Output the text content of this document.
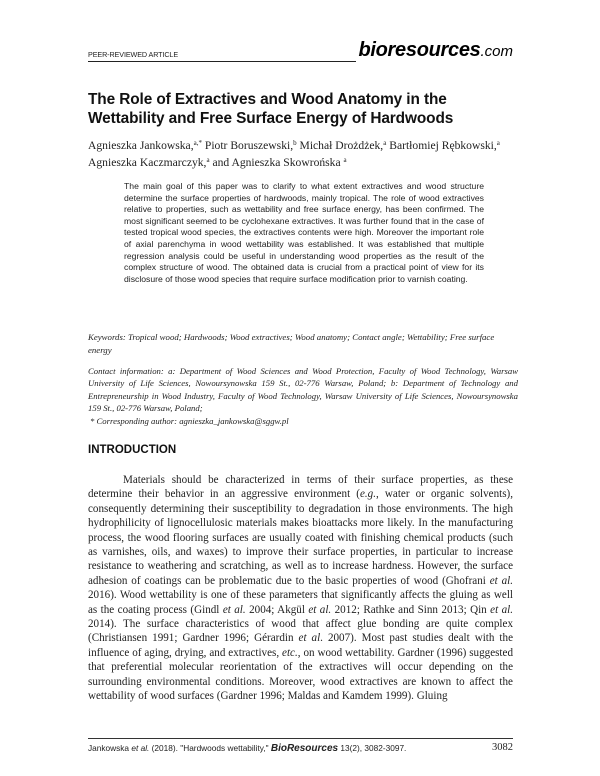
PEER-REVIEWED ARTICLE	bioresources.com
The Role of Extractives and Wood Anatomy in the
Wettability and Free Surface Energy of Hardwoods
Agnieszka Jankowska,$^{a,*}$ Piotr Boruszewski,$^b$ Michał Drożdżek,$^a$ Bartłomiej Rębkowski,$^a$
Agnieszka Kaczmarczyk,$^a$ and Agnieszka Skowrońska $^a$
The main goal of this paper was to clarify to what extent extractives and wood structure determine the surface properties of hardwoods, mainly tropical. The role of wood extractives relative to properties, such as wettability and free surface energy, has been confirmed. The most significant seemed to be cyclohexane extractives. It was further found that in the case of tested tropical wood species, the extractives contents were high. Moreover the important role of axial parenchyma in wood wettability was established. It was established that multiple regression analysis could be useful in understanding wood properties as the result of the complex structure of wood. The obtained data is crucial from a practical point of view for its disclosure of those wood species that require surface modification prior to varnish coating.
Keywords: Tropical wood; Hardwoods; Wood extractives; Wood anatomy; Contact angle; Wettability; Free surface energy
Contact information: a: Department of Wood Sciences and Wood Protection, Faculty of Wood Technology, Warsaw University of Life Sciences, Nowoursynowska 159 St., 02-776 Warsaw, Poland; b: Department of Technology and Entrepreneurship in Wood Industry, Faculty of Wood Technology, Warsaw University of Life Sciences, Nowoursynowska 159 St., 02-776 Warsaw, Poland;
* Corresponding author: agnieszka_jankowska@sggw.pl
INTRODUCTION

Materials should be characterized in terms of their surface properties, as these determine their behavior in an aggressive environment (e.g., water or organic solvents), consequently determining their susceptibility to degradation in those environments. The high hydrophilicity of lignocellulosic materials makes bioattacks more likely. In the manufacturing process, the wood flooring surfaces are usually coated with finishing chemical products (such as varnishes, oils, and waxes) to improve their surface properties, in particular to increase resistance to weathering and scratching, as well as to increase hardness. However, the surface adhesion of coatings can be problematic due to the basic properties of wood (Ghofrani et al. 2016). Wood wettability is one of these parameters that significantly affects the gluing as well as the coating process (Gindl et al. 2004; Akgül et al. 2012; Rathke and Sinn 2013; Qin et al. 2014). The surface characteristics of wood that affect glue bonding are quite complex (Christiansen 1991; Gardner 1996; Gérardin et al. 2007). Most past studies dealt with the influence of aging, drying, and extractives, etc., on wood wettability. Gardner (1996) suggested that preferential molecular reorientation of the extractives will occur depending on the surrounding environmental conditions. Moreover, wood extractives are known to affect the wettability of wood surfaces (Gardner 1996; Maldas and Kamdem 1999). Gluing

Jankowska et al. (2018). "Hardwoods wettability," BioResources 13(2), 3082-3097.	3082
